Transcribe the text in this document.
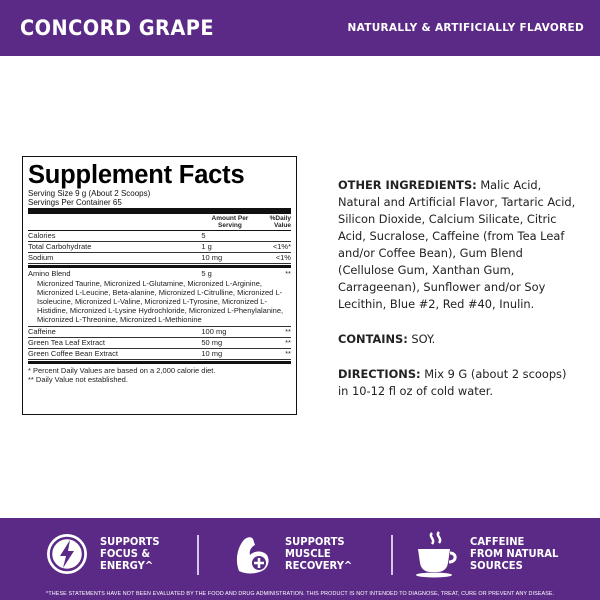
CONCORD GRAPE	NATURALLY & ARTIFICIALLY FLAVORED
Supplement Facts
Serving Size 9 g (About 2 Scoops)
Servings Per Container 65
Amount Per Serving
%Daily Value
Calories	5
Total Carbohydrate	1 g	<1%*
Sodium	10 mg	<1%
Amino Blend	5 g	**
Micronized Taurine, Micronized L-Glutamine, Micronized L-Arginine, Micronized L-Leucine, Beta-alanine, Micronized L-Citrulline, Micronized L-Isoleucine, Micronized L-Valine, Micronized L-Tyrosine, Micronized L-Histidine, Micronized L-Lysine Hydrochloride, Micronized L-Phenylalanine, Micronized L-Threonine, Micronized L-Methionine
Caffeine	100 mg	**
Green Tea Leaf Extract	50 mg	**
Green Coffee Bean Extract	10 mg	**
* Percent Daily Values are based on a 2,000 calorie diet.
** Daily Value not established.

OTHER INGREDIENTS: Malic Acid, Natural and Artificial Flavor, Tartaric Acid, Silicon Dioxide, Calcium Silicate, Citric Acid, Sucralose, Caffeine (from Tea Leaf and/or Coffee Bean), Gum Blend (Cellulose Gum, Xanthan Gum, Carrageenan), Sunflower and/or Soy Lecithin, Blue #2, Red #40, Inulin.

CONTAINS: SOY.

DIRECTIONS: Mix 9 G (about 2 scoops) in 10-12 fl oz of cold water.

SUPPORTS
FOCUS &
ENERGY^
SUPPORTS
MUSCLE
RECOVERY^
CAFFEINE
FROM NATURAL
SOURCES
^THESE STATEMENTS HAVE NOT BEEN EVALUATED BY THE FOOD AND DRUG ADMINISTRATION. THIS PRODUCT IS NOT INTENDED TO DIAGNOSE, TREAT, CURE OR PREVENT ANY DISEASE.
